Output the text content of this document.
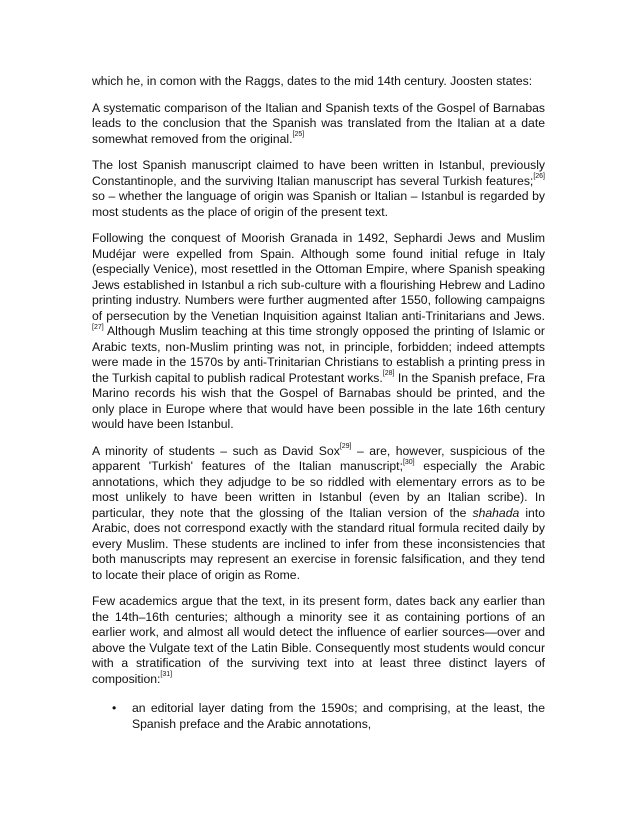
which he, in comon with the Raggs, dates to the mid 14th century. Joosten states:

A systematic comparison of the Italian and Spanish texts of the Gospel of Barnabas leads to the conclusion that the Spanish was translated from the Italian at a date somewhat removed from the original.[25]

The lost Spanish manuscript claimed to have been written in Istanbul, previously Constantinople, and the surviving Italian manuscript has several Turkish features;[26] so – whether the language of origin was Spanish or Italian – Istanbul is regarded by most students as the place of origin of the present text.

Following the conquest of Moorish Granada in 1492, Sephardi Jews and Muslim Mudéjar were expelled from Spain. Although some found initial refuge in Italy (especially Venice), most resettled in the Ottoman Empire, where Spanish speaking Jews established in Istanbul a rich sub-culture with a flourishing Hebrew and Ladino printing industry. Numbers were further augmented after 1550, following campaigns of persecution by the Venetian Inquisition against Italian anti-Trinitarians and Jews.[27] Although Muslim teaching at this time strongly opposed the printing of Islamic or Arabic texts, non-Muslim printing was not, in principle, forbidden; indeed attempts were made in the 1570s by anti-Trinitarian Christians to establish a printing press in the Turkish capital to publish radical Protestant works.[28] In the Spanish preface, Fra Marino records his wish that the Gospel of Barnabas should be printed, and the only place in Europe where that would have been possible in the late 16th century would have been Istanbul.

A minority of students – such as David Sox[29] – are, however, suspicious of the apparent 'Turkish' features of the Italian manuscript;[30] especially the Arabic annotations, which they adjudge to be so riddled with elementary errors as to be most unlikely to have been written in Istanbul (even by an Italian scribe). In particular, they note that the glossing of the Italian version of the shahada into Arabic, does not correspond exactly with the standard ritual formula recited daily by every Muslim. These students are inclined to infer from these inconsistencies that both manuscripts may represent an exercise in forensic falsification, and they tend to locate their place of origin as Rome.

Few academics argue that the text, in its present form, dates back any earlier than the 14th–16th centuries; although a minority see it as containing portions of an earlier work, and almost all would detect the influence of earlier sources—over and above the Vulgate text of the Latin Bible. Consequently most students would concur with a stratification of the surviving text into at least three distinct layers of composition:[31]

• an editorial layer dating from the 1590s; and comprising, at the least, the Spanish preface and the Arabic annotations,
